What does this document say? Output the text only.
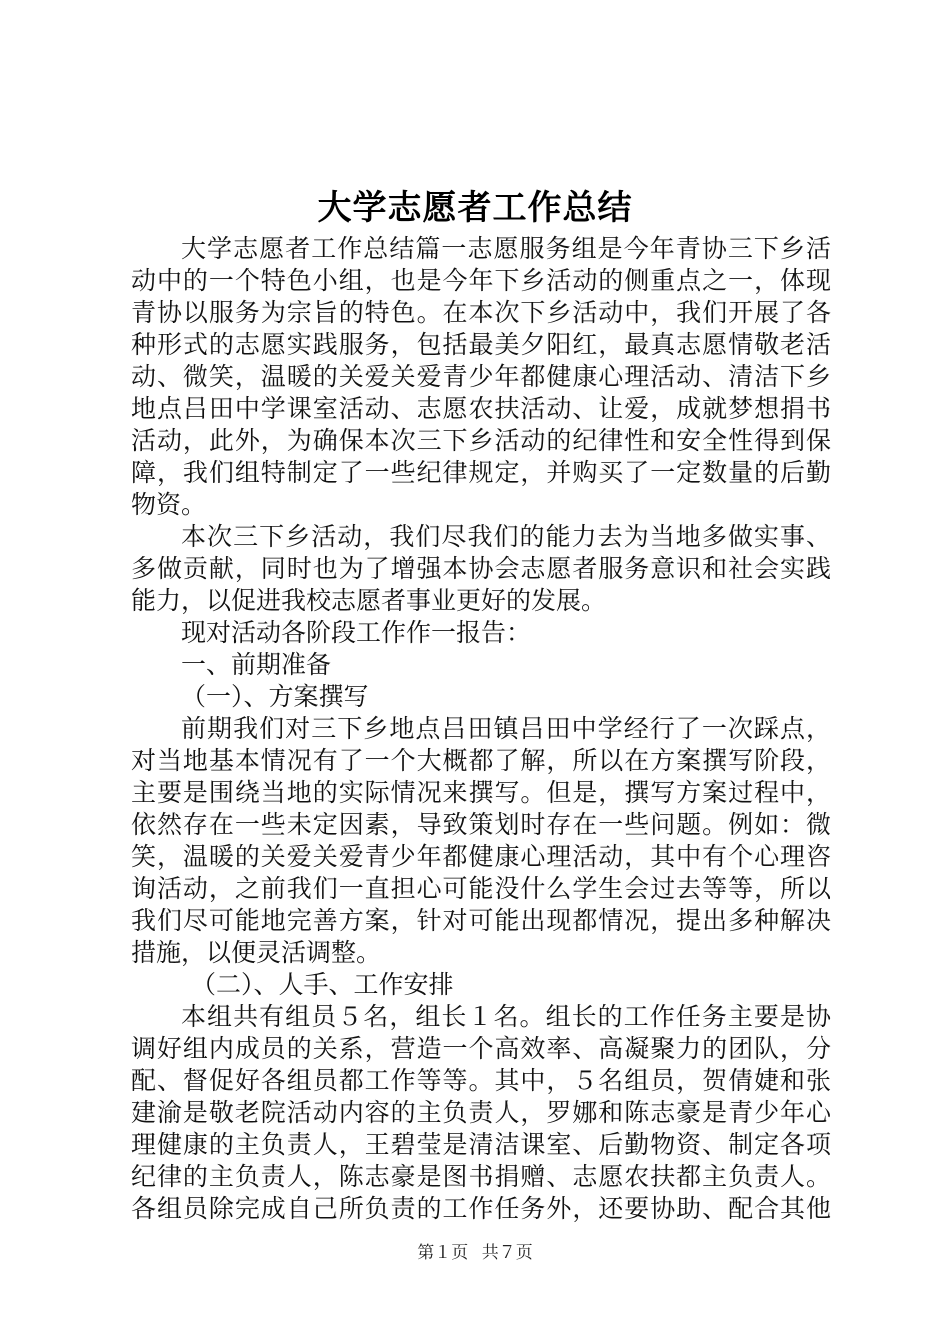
大学志愿者工作总结
大学志愿者工作总结篇一志愿服务组是今年青协三下乡活
动中的一个特色小组，也是今年下乡活动的侧重点之一，体现
青协以服务为宗旨的特色。在本次下乡活动中，我们开展了各
种形式的志愿实践服务，包括最美夕阳红，最真志愿情敬老活
动、微笑，温暖的关爱关爱青少年都健康心理活动、清洁下乡
地点吕田中学课室活动、志愿农扶活动、让爱，成就梦想捐书
活动，此外，为确保本次三下乡活动的纪律性和安全性得到保
障，我们组特制定了一些纪律规定，并购买了一定数量的后勤
物资。
本次三下乡活动，我们尽我们的能力去为当地多做实事、
多做贡献，同时也为了增强本协会志愿者服务意识和社会实践
能力，以促进我校志愿者事业更好的发展。
现对活动各阶段工作作一报告：
一、前期准备
（一）、方案撰写
前期我们对三下乡地点吕田镇吕田中学经行了一次踩点，
对当地基本情况有了一个大概都了解，所以在方案撰写阶段，
主要是围绕当地的实际情况来撰写。但是，撰写方案过程中，
依然存在一些未定因素，导致策划时存在一些问题。例如：微
笑，温暖的关爱关爱青少年都健康心理活动，其中有个心理咨
询活动，之前我们一直担心可能没什么学生会过去等等，所以
我们尽可能地完善方案，针对可能出现都情况，提出多种解决
措施，以便灵活调整。
（二）、人手、工作安排
本组共有组员５名，组长１名。组长的工作任务主要是协
调好组内成员的关系，营造一个高效率、高凝聚力的团队，分
配、督促好各组员都工作等等。其中，５名组员，贺倩婕和张
建渝是敬老院活动内容的主负责人，罗娜和陈志豪是青少年心
理健康的主负责人，王碧莹是清洁课室、后勤物资、制定各项
纪律的主负责人，陈志豪是图书捐赠、志愿农扶都主负责人。
各组员除完成自己所负责的工作任务外，还要协助、配合其他
第１页 共７页
